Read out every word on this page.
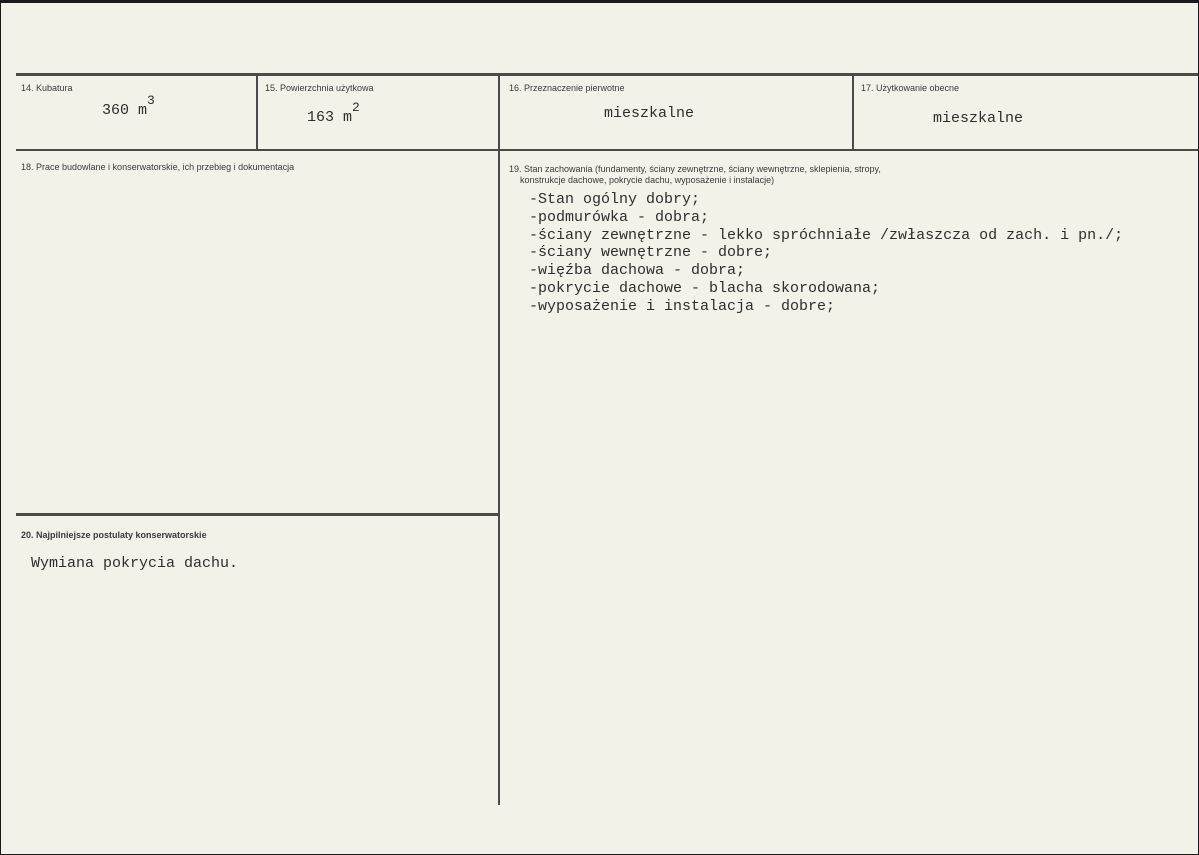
14. Kubatura
360 $m^3$
15. Powierzchnia użytkowa
163 $m^2$
16. Przeznaczenie pierwotne
mieszkalne
17. Użytkowanie obecne
mieszkalne
18. Prace budowlane i konserwatorskie, ich przebieg i dokumentacja	19. Stan zachowania (fundamenty, ściany zewnętrzne, ściany wewnętrzne, sklepienia, stropy,
konstrukcje dachowe, pokrycie dachu, wyposażenie i instalacje)
-Stan ogólny dobry;
-podmurówka - dobra;
-ściany zewnętrzne - lekko spróchniałe /zwłaszcza od zach. i pn./;
-ściany wewnętrzne - dobre;
-więźba dachowa - dobra;
-pokrycie dachowe - blacha skorodowana;
-wyposażenie i instalacja - dobre;
20. Najpilniejsze postulaty konserwatorskie
Wymiana pokrycia dachu.
